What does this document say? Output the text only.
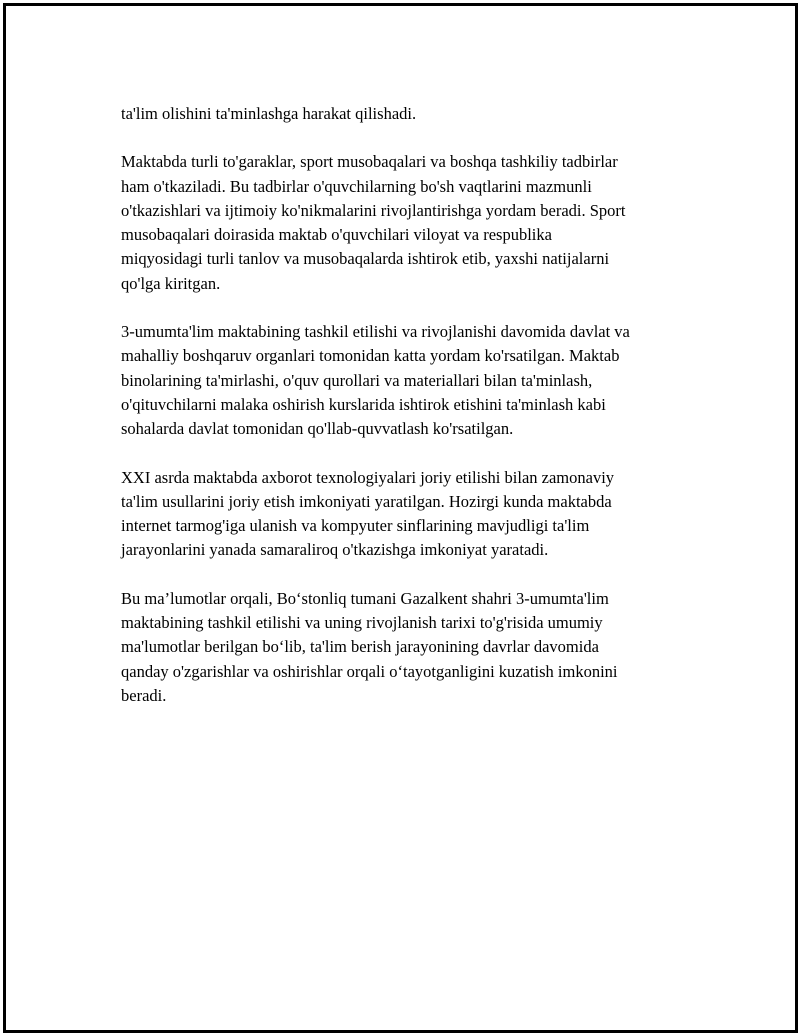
ta'lim olishini ta'minlashga harakat qilishadi.

Maktabda turli to'garaklar, sport musobaqalari va boshqa tashkiliy tadbirlar
ham o'tkaziladi. Bu tadbirlar o'quvchilarning bo'sh vaqtlarini mazmunli
o'tkazishlari va ijtimoiy ko'nikmalarini rivojlantirishga yordam beradi. Sport
musobaqalari doirasida maktab o'quvchilari viloyat va respublika
miqyosidagi turli tanlov va musobaqalarda ishtirok etib, yaxshi natijalarni
qo'lga kiritgan.

3-umumta'lim maktabining tashkil etilishi va rivojlanishi davomida davlat va
mahalliy boshqaruv organlari tomonidan katta yordam ko'rsatilgan. Maktab
binolarining ta'mirlashi, o'quv qurollari va materiallari bilan ta'minlash,
o'qituvchilarni malaka oshirish kurslarida ishtirok etishini ta'minlash kabi
sohalarda davlat tomonidan qo'llab-quvvatlash ko'rsatilgan.

XXI asrda maktabda axborot texnologiyalari joriy etilishi bilan zamonaviy
ta'lim usullarini joriy etish imkoniyati yaratilgan. Hozirgi kunda maktabda
internet tarmog'iga ulanish va kompyuter sinflarining mavjudligi ta'lim
jarayonlarini yanada samaraliroq o'tkazishga imkoniyat yaratadi.

Bu ma’lumotlar orqali, Bo‘stonliq tumani Gazalkent shahri 3-umumta'lim
maktabining tashkil etilishi va uning rivojlanish tarixi to'g'risida umumiy
ma'lumotlar berilgan bo‘lib, ta'lim berish jarayonining davrlar davomida
qanday o'zgarishlar va oshirishlar orqali o‘tayotganligini kuzatish imkonini
beradi.
